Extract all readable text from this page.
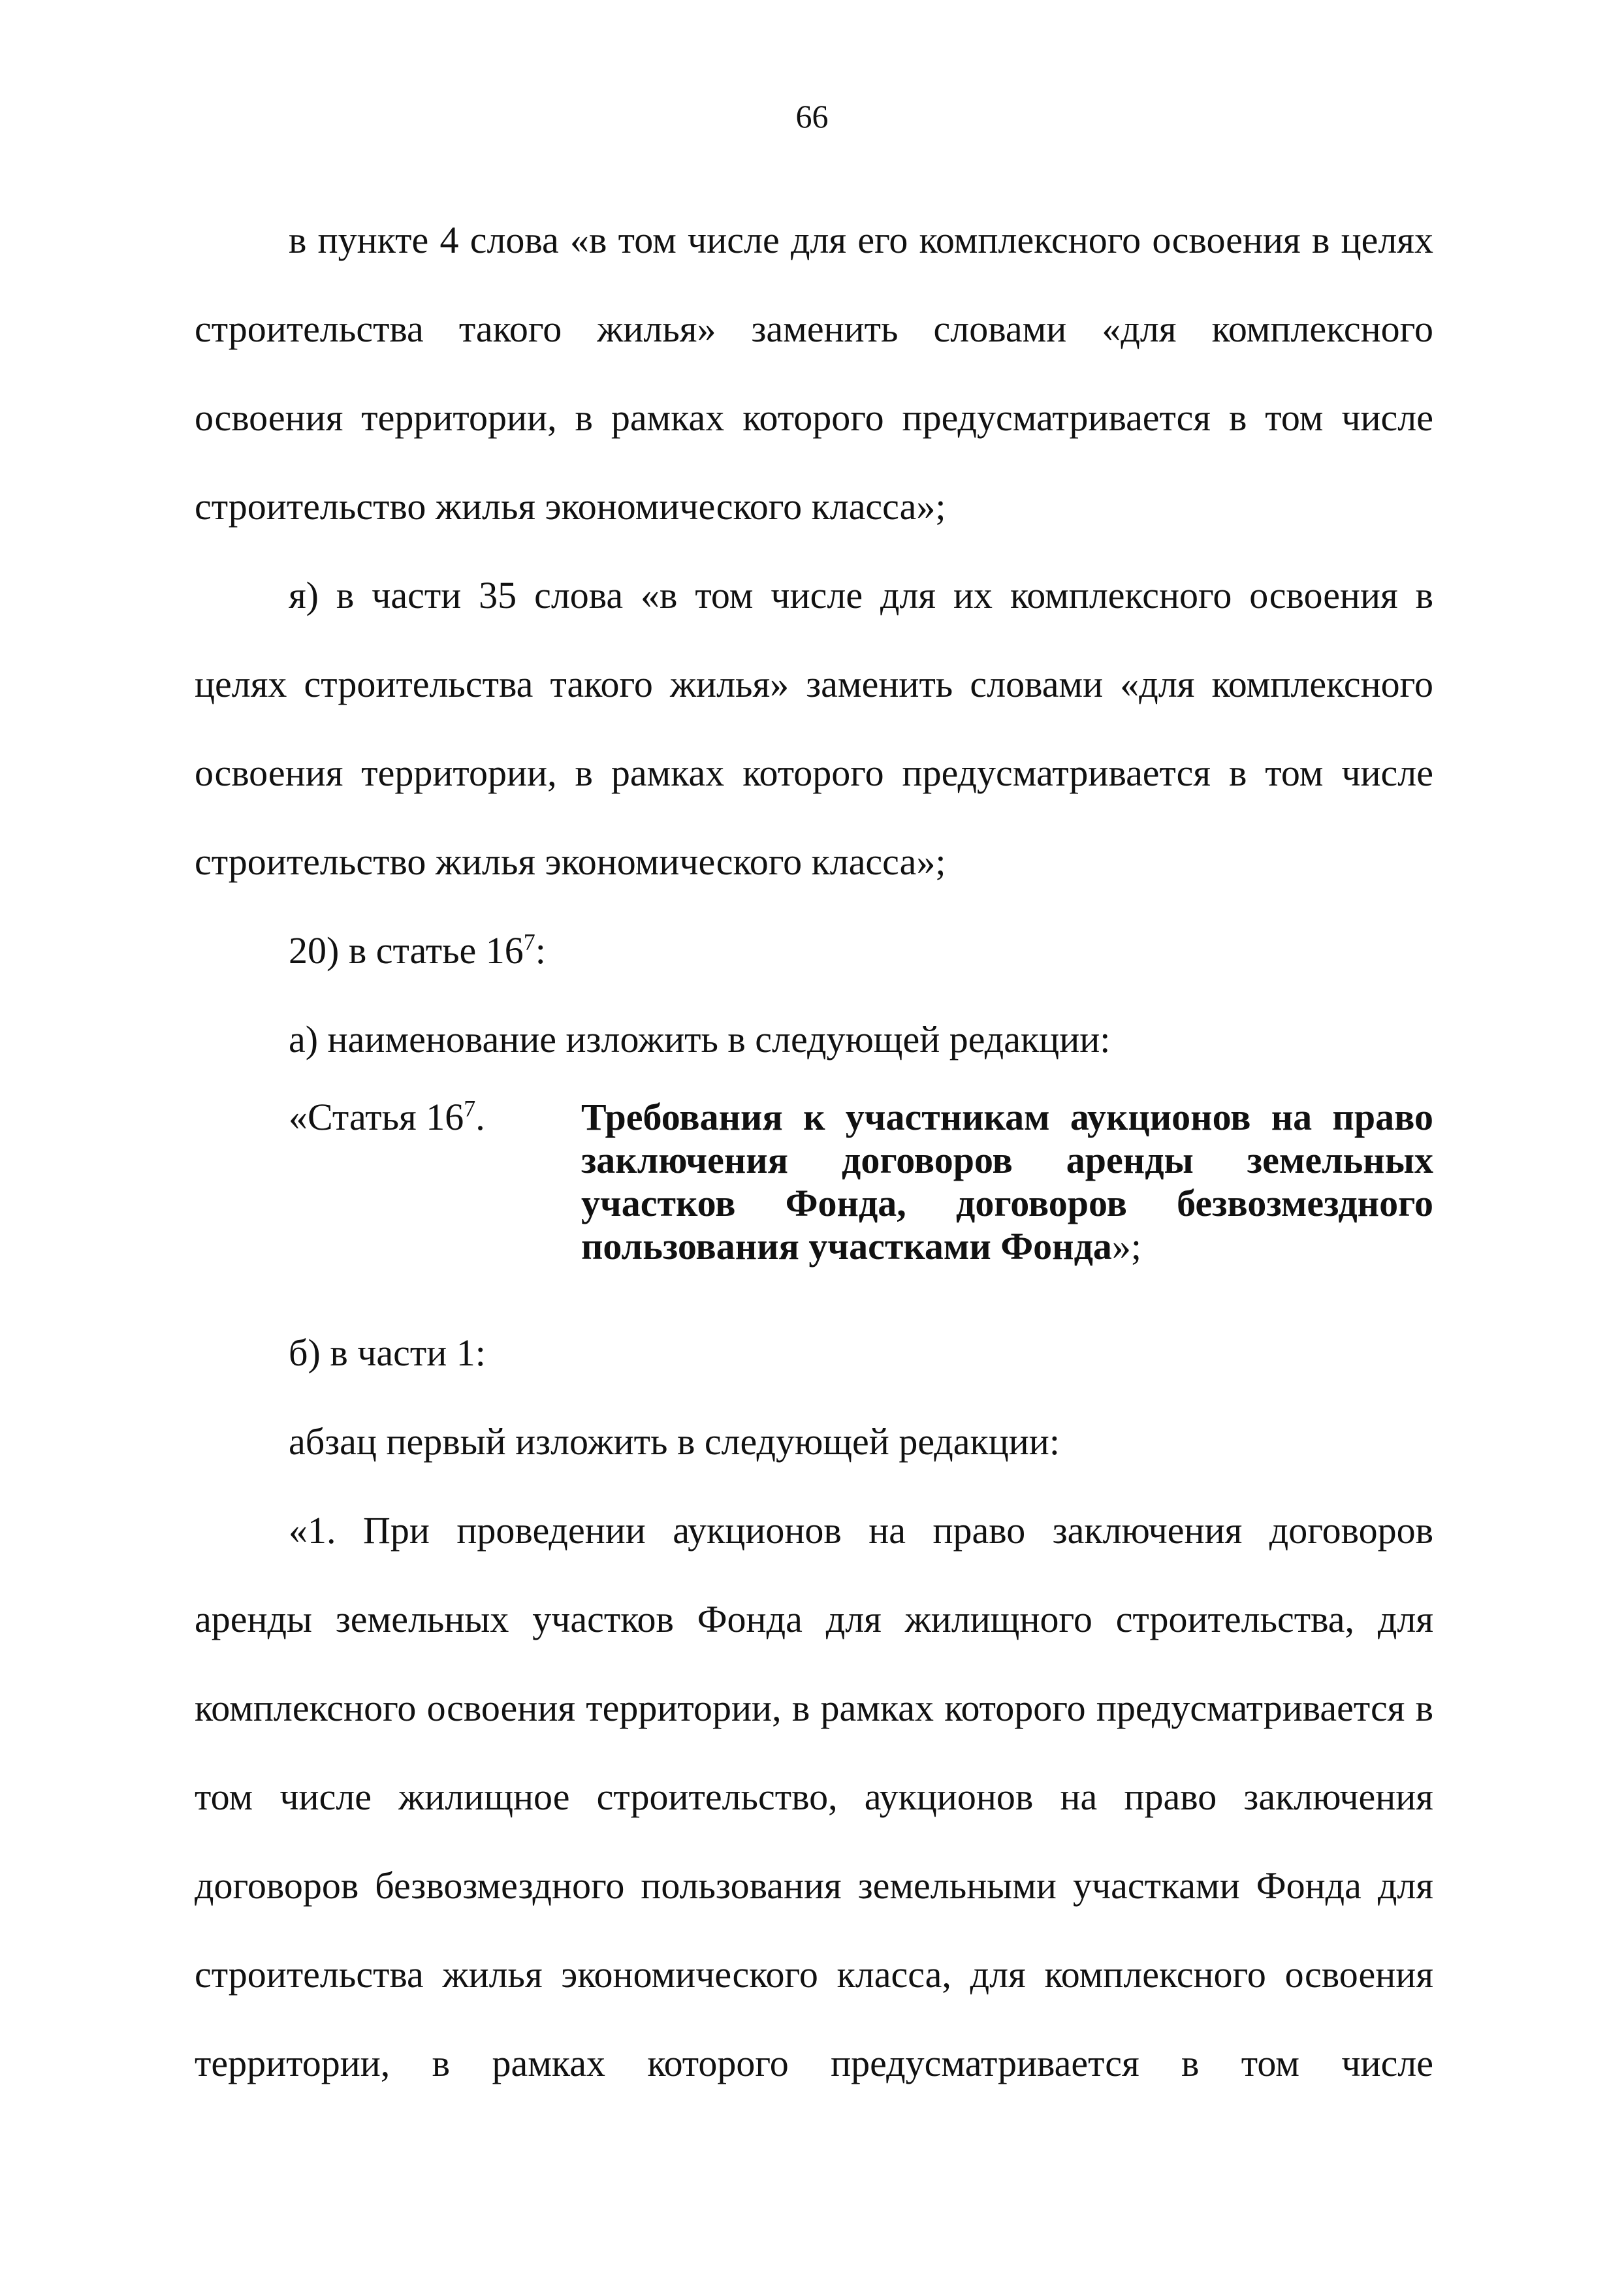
66

в пункте 4 слова «в том числе для его комплексного освоения в целях строительства такого жилья» заменить словами «для комплексного освоения территории, в рамках которого предусматривается в том числе строительство жилья экономического класса»;

я) в части 35 слова «в том числе для их комплексного освоения в целях строительства такого жилья» заменить словами «для комплексного освоения территории, в рамках которого предусматривается в том числе строительство жилья экономического класса»;

20) в статье $16^7$:

а) наименование изложить в следующей редакции:

«Статья $16^7$.	Требования к участникам аукционов на право заключения договоров аренды земельных участков Фонда, договоров безвозмездного пользования участками Фонда»;

б) в части 1:

абзац первый изложить в следующей редакции:

«1. При проведении аукционов на право заключения договоров аренды земельных участков Фонда для жилищного строительства, для комплексного освоения территории, в рамках которого предусматривается в том числе жилищное строительство, аукционов на право заключения договоров безвозмездного пользования земельными участками Фонда для строительства жилья экономического класса, для комплексного освоения территории, в рамках которого предусматривается в том числе
